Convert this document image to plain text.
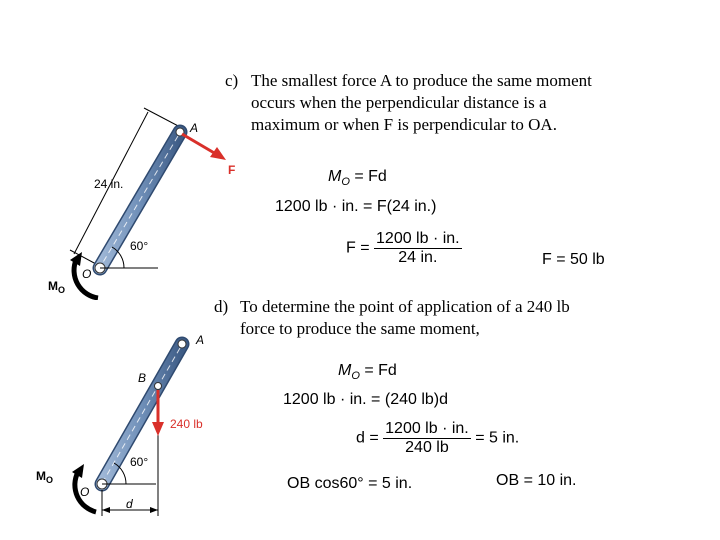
A
F
24 in.
60°
O
$M_O$
c) The smallest force A to produce the same moment
occurs when the perpendicular distance is a
maximum or when F is perpendicular to OA.
$M_O = Fd$
1200 lb · in. = F(24 in.)
$F = \frac{1200 lb \cdot in.}{24 in.}$	F = 50 lb
d) To determine the point of application of a 240 lb
force to produce the same moment,
A
B
240 lb
60°
O
d
$M_O$
$M_O = Fd$
1200 lb · in. = (240 lb)d
$d = \frac{1200 lb \cdot in.}{240 lb} = 5$ in.
OB cos60° = 5 in.	OB = 10 in.
